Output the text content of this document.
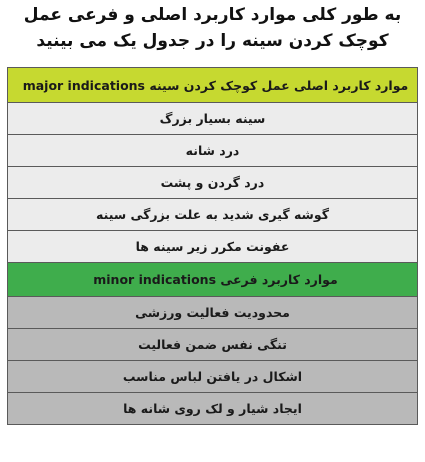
به طور کلی موارد کاربرد اصلی و فرعی عمل
کوچک کردن سینه را در جدول یک می بینید
موارد کاربرد اصلی عمل کوچک کردن سینه major indications
سینه بسیار بزرگ
درد شانه
درد گردن و پشت
گوشه گیری شدید به علت بزرگی سینه
عفونت مکرر زیر سینه ها
موارد کاربرد فرعی minor indications
محدودیت فعالیت ورزشی
تنگی نفس ضمن فعالیت
اشکال در یافتن لباس مناسب
ایجاد شیار و لک روی شانه ها
